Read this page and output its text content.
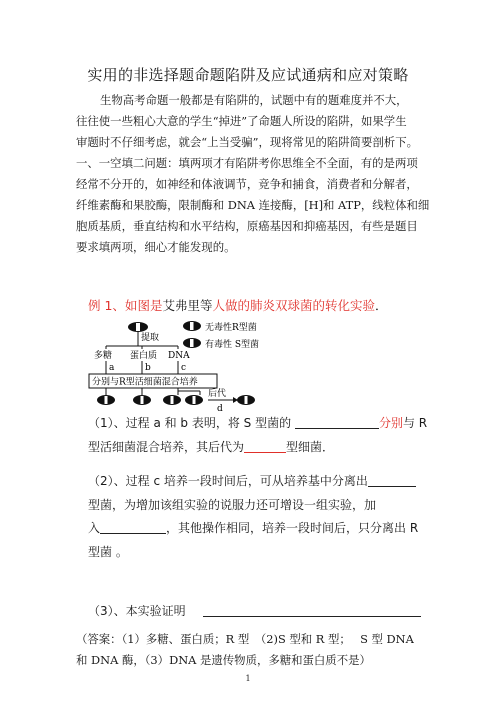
实用的非选择题命题陷阱及应试通病和应对策略
生物高考命题一般都是有陷阱的，试题中有的题难度并不大，
往往使一些粗心大意的学生“掉进”了命题人所设的陷阱，如果学生
审题时不仔细考虑，就会“上当受骗”，现将常见的陷阱简要剖析下。
一、一空填二问题：填两项才有陷阱考你思维全不全面，有的是两项
经常不分开的，如神经和体液调节，竞争和捕食，消费者和分解者，
纤维素酶和果胶酶，限制酶和 DNA 连接酶，[H]和 ATP，线粒体和细
胞质基质，垂直结构和水平结构，原癌基因和抑癌基因，有些是题目
要求填两项，细心才能发现的。
例 1、如图是艾弗里等人做的肺炎双球菌的转化实验．
无毒性R型菌
有毒性 S型菌
提取
多糖 蛋白质 DNA
a	b	c
分别与R型活细菌混合培养
后代
d
（1）、过程 a 和 b 表明，将 S 型菌的	分别与 R
型活细菌混合培养，其后代为	型细菌．
（2）、过程 c 培养一段时间后，可从培养基中分离出
型菌，为增加该组实验的说服力还可增设一组实验，加
入	，其他操作相同，培养一段时间后，只分离出 R
型菌 。
（3）、本实验证明
（答案：（1）多糖、蛋白质；R 型　（2)S 型和 R 型；　 S 型 DNA
和 DNA 酶，（3）DNA 是遗传物质，多糖和蛋白质不是）
1
